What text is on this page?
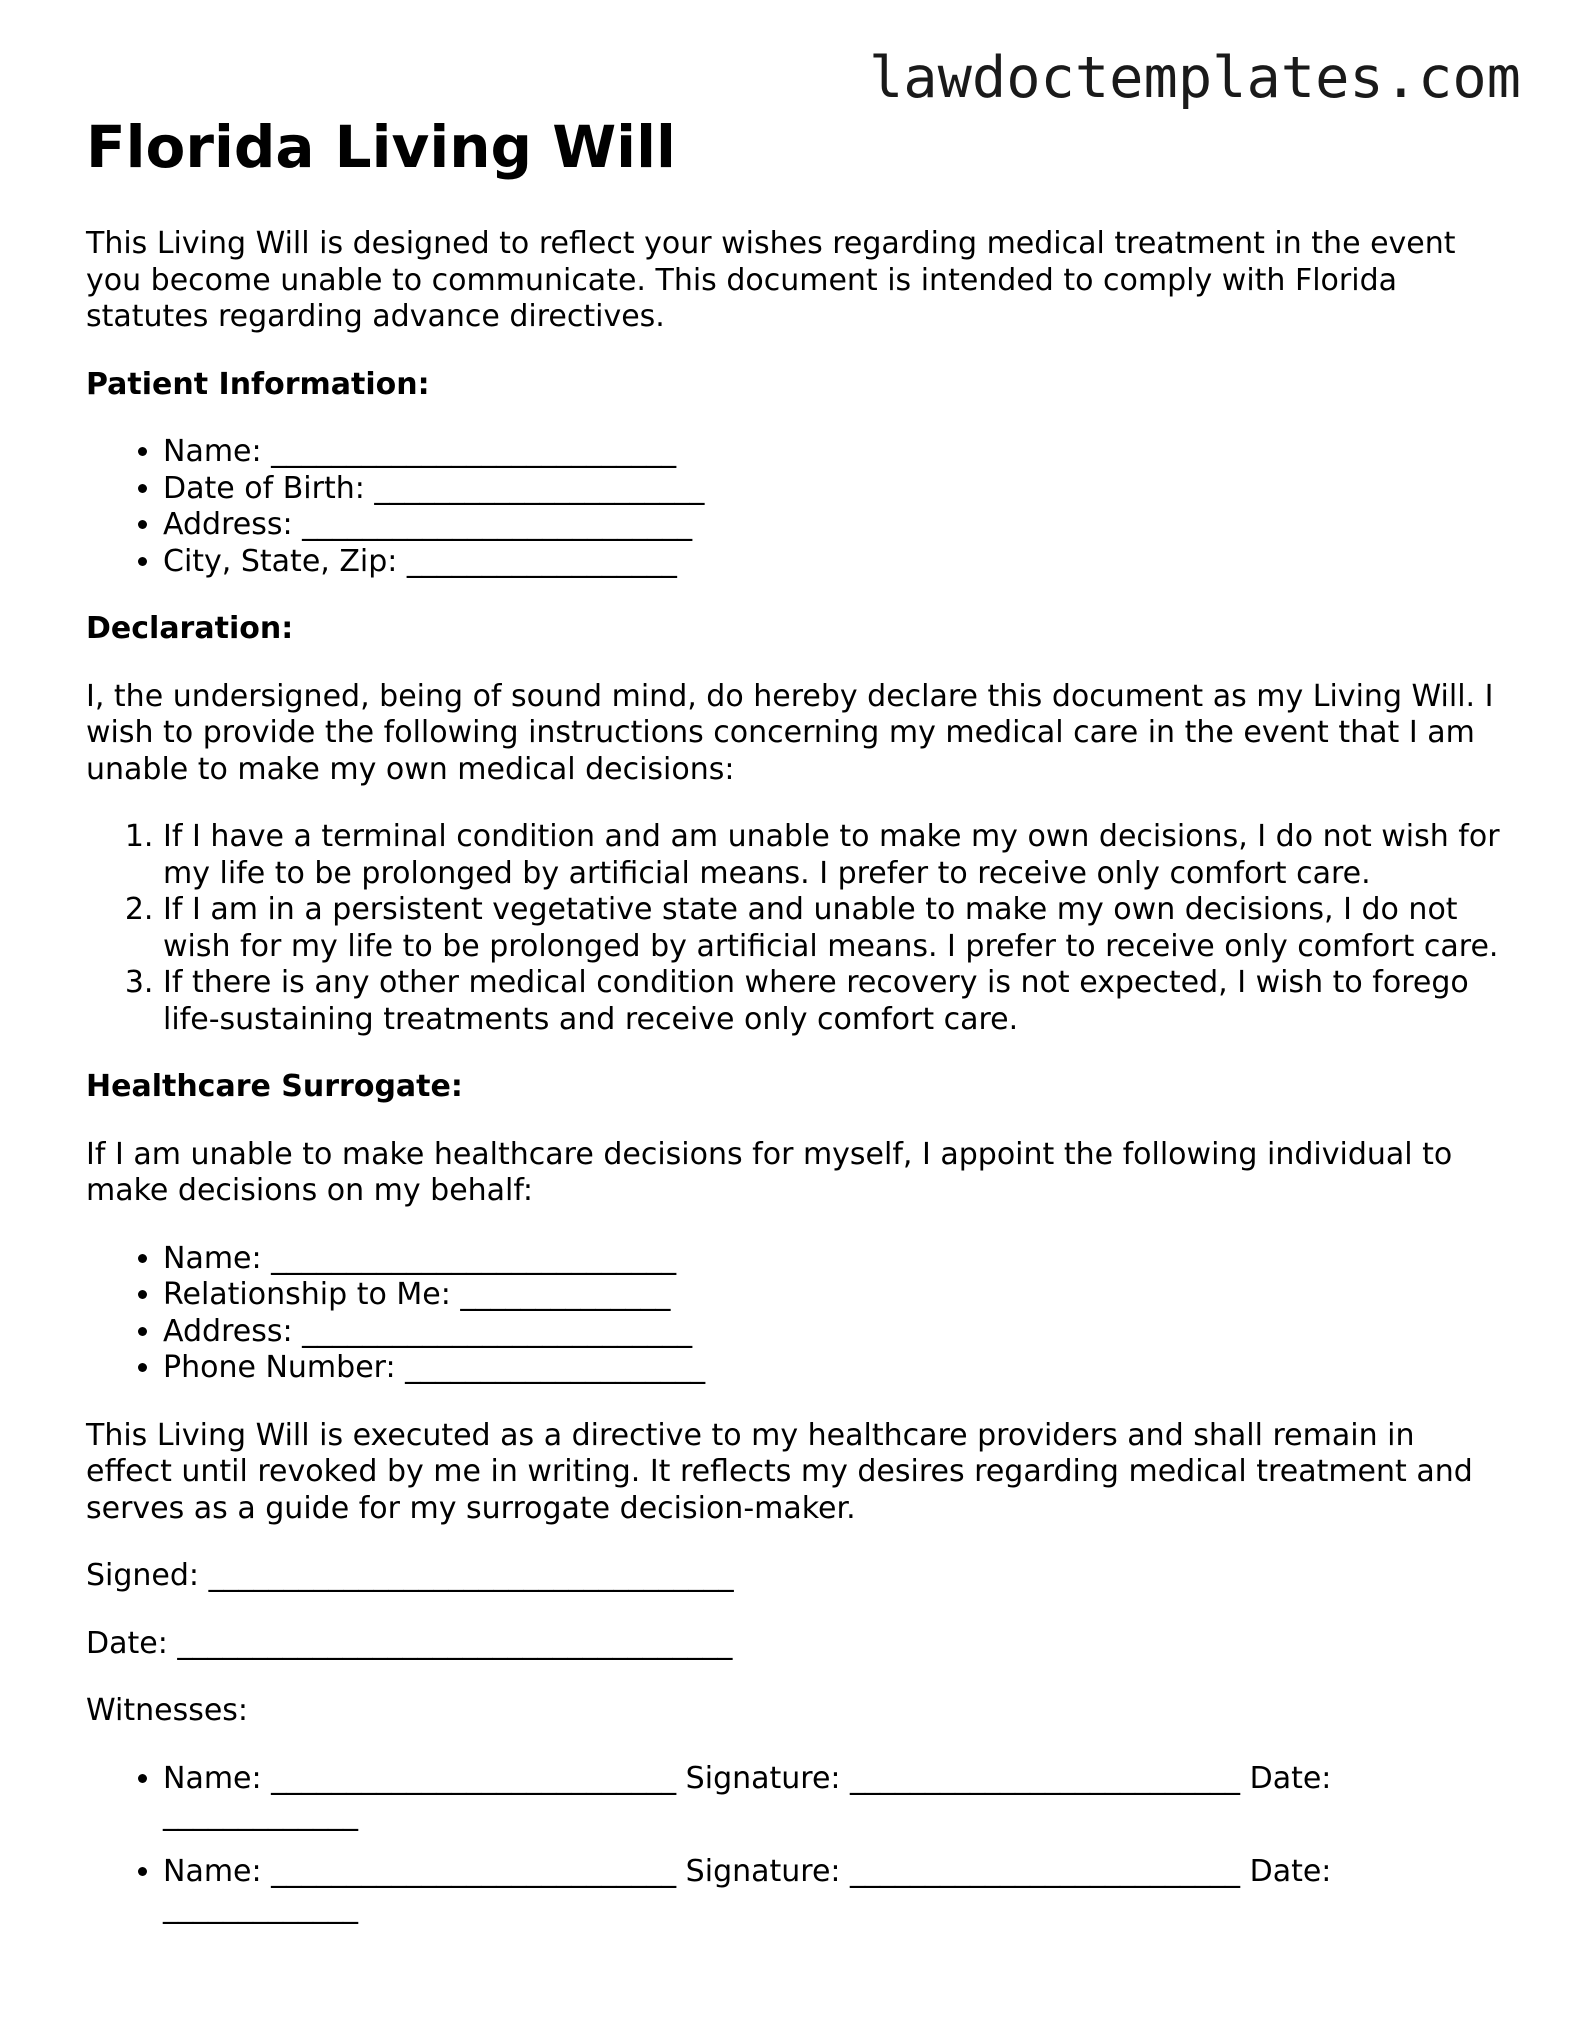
lawdoctemplates.com
Florida Living Will

This Living Will is designed to reflect your wishes regarding medical treatment in the event you become unable to communicate. This document is intended to comply with Florida statutes regarding advance directives.

Patient Information:
• Name: ___________________________
• Date of Birth: ______________________
• Address: __________________________
• City, State, Zip: __________________
Declaration:

I, the undersigned, being of sound mind, do hereby declare this document as my Living Will. I wish to provide the following instructions concerning my medical care in the event that I am unable to make my own medical decisions:

1. If I have a terminal condition and am unable to make my own decisions, I do not wish for my life to be prolonged by artificial means. I prefer to receive only comfort care.
2. If I am in a persistent vegetative state and unable to make my own decisions, I do not wish for my life to be prolonged by artificial means. I prefer to receive only comfort care.
3. If there is any other medical condition where recovery is not expected, I wish to forego life-sustaining treatments and receive only comfort care.
Healthcare Surrogate:

If I am unable to make healthcare decisions for myself, I appoint the following individual to make decisions on my behalf:

• Name: ___________________________
• Relationship to Me: ______________
• Address: __________________________
• Phone Number: ____________________

This Living Will is executed as a directive to my healthcare providers and shall remain in effect until revoked by me in writing. It reflects my desires regarding medical treatment and serves as a guide for my surrogate decision-maker.

Signed: ___________________________________

Date: _____________________________________

Witnesses:

• Name: ___________________________ Signature: __________________________ Date: _____________
• Name: ___________________________ Signature: __________________________ Date: _____________
